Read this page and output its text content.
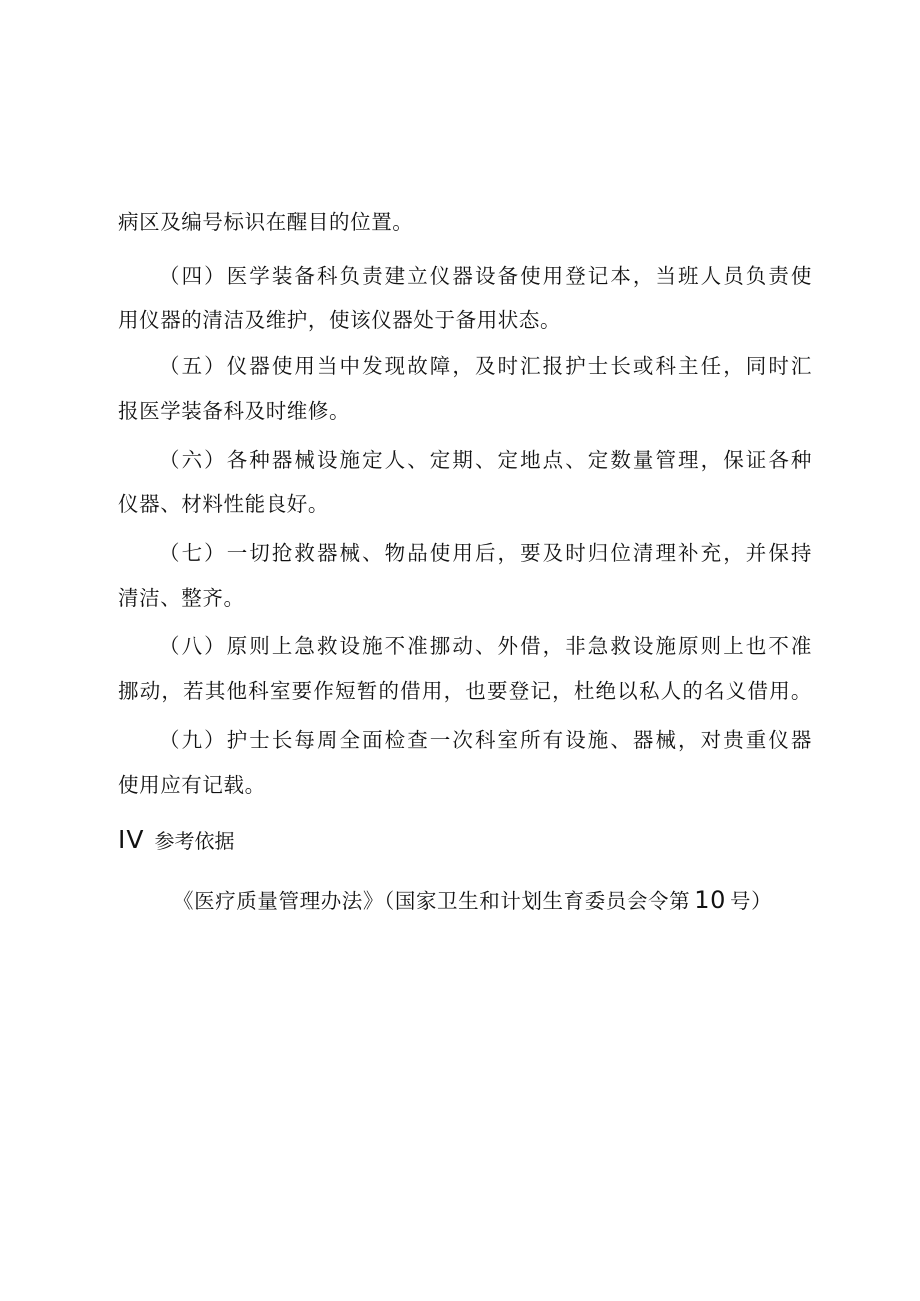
病区及编号标识在醒目的位置。
（四）医学装备科负责建立仪器设备使用登记本，当班人员负责使
用仪器的清洁及维护，使该仪器处于备用状态。
（五）仪器使用当中发现故障，及时汇报护士长或科主任，同时汇
报医学装备科及时维修。
（六）各种器械设施定人、定期、定地点、定数量管理，保证各种
仪器、材料性能良好。
（七）一切抢救器械、物品使用后，要及时归位清理补充，并保持
清洁、整齐。
（八）原则上急救设施不准挪动、外借，非急救设施原则上也不准
挪动，若其他科室要作短暂的借用，也要登记，杜绝以私人的名义借用。
（九）护士长每周全面检查一次科室所有设施、器械，对贵重仪器
使用应有记载。
IV 参考依据
《医疗质量管理办法》（国家卫生和计划生育委员会令第 10 号）
